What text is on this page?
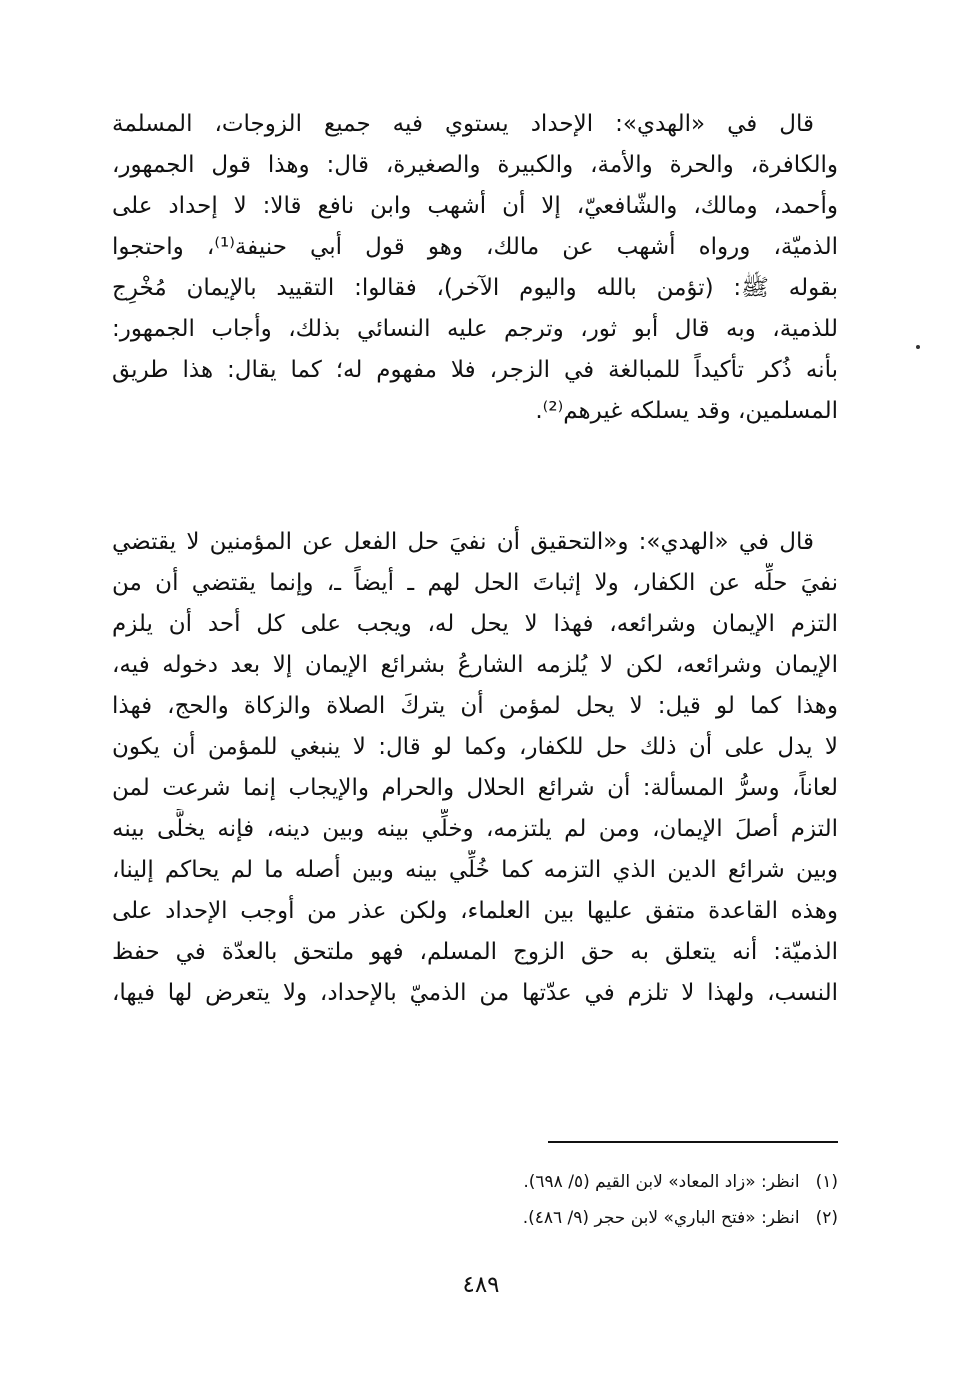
قال في «الهدي»: الإحداد يستوي فيه جميع الزوجات، المسلمة
والكافرة، والحرة والأمة، والكبيرة والصغيرة، قال: وهذا قول الجمهور،
وأحمد، ومالك، والشّافعيّ، إلا أن أشهب وابن نافع قالا: لا إحداد على
الذميّة، ورواه أشهب عن مالك، وهو قول أبي حنيفة⁽¹⁾، واحتجوا
بقوله ﷺ: (تؤمن بالله واليوم الآخر)، فقالوا: التقييد بالإيمان مُخْرِج
للذمية، وبه قال أبو ثور، وترجم عليه النسائي بذلك، وأجاب الجمهور:
بأنه ذُكر تأكيداً للمبالغة في الزجر، فلا مفهوم له؛ كما يقال: هذا طريق
المسلمين، وقد يسلكه غيرهم⁽²⁾.
قال في «الهدي»: و«التحقيق أن نفيَ حل الفعل عن المؤمنين لا يقتضي
نفيَ حلِّه عن الكفار، ولا إثباتَ الحل لهم ـ أيضاً ـ، وإنما يقتضي أن من
التزم الإيمان وشرائعه، فهذا لا يحل له، ويجب على كل أحد أن يلزم
الإيمان وشرائعه، لكن لا يُلزمه الشارعُ بشرائع الإيمان إلا بعد دخوله فيه،
وهذا كما لو قيل: لا يحل لمؤمن أن يتركَ الصلاة والزكاة والحج، فهذا
لا يدل على أن ذلك حل للكفار، وكما لو قال: لا ينبغي للمؤمن أن يكون
لعاناً، وسرُّ المسألة: أن شرائع الحلال والحرام والإيجاب إنما شرعت لمن
التزم أصلَ الإيمان، ومن لم يلتزمه، وخلِّي بينه وبين دينه، فإنه يخلَّى بينه
وبين شرائع الدين الذي التزمه كما خُلِّي بينه وبين أصله ما لم يحاكم إلينا،
وهذه القاعدة متفق عليها بين العلماء، ولكن عذر من أوجب الإحداد على
الذميّة: أنه يتعلق به حق الزوج المسلم، فهو ملتحق بالعدّة في حفظ
النسب، ولهذا لا تلزم في عدّتها من الذميّ بالإحداد، ولا يتعرض لها فيها،
(١)انظر: «زاد المعاد» لابن القيم (٥/ ٦٩٨).
(٢)انظر: «فتح الباري» لابن حجر (٩/ ٤٨٦).
٤٨٩
